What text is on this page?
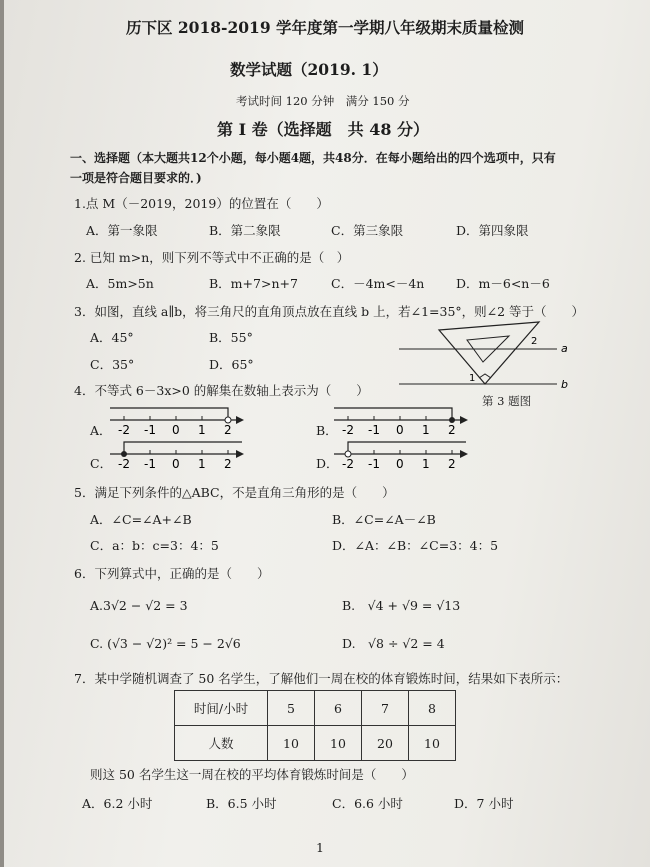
历下区 2018-2019 学年度第一学期八年级期末质量检测
数学试题（2019. 1）
考试时间 120 分钟　满分 150 分
第 I 卷（选择题　共 48 分）
一、选择题（本大题共12个小题，每小题4题，共48分．在每小题给出的四个选项中，只有
一项是符合题目要求的．)
1.点 M（－2019，2019）的位置在（　　）
A．第一象限	B．第二象限	C．第三象限	D．第四象限
2. 已知 m>n，则下列不等式中不正确的是（　）
A．5m>5n	B．m+7>n+7	C．－4m<－4n	D．m－6<n－6
3．如图，直线 a∥b，将三角尺的直角顶点放在直线 b 上，若∠1=35°，则∠2 等于（　　）
A．45°	B．55°
C．35°	D．65°
1
2
a
b
第 3 题图
4．不等式 6－3x>0 的解集在数轴上表示为（　　）
A． -2 -1 0 1 2	B． -2 -1 0 1 2
C． -2 -1 0 1 2	D． -2 -1 0 1 2
5．满足下列条件的△ABC，不是直角三角形的是（　　）
A．∠C=∠A+∠B	B．∠C=∠A－∠B
C．a：b：c=3：4：5	D．∠A：∠B：∠C=3：4：5
6．下列算式中，正确的是（　　）
A.3√2 − √2 = 3	B.　√4 + √9 = √13
C. (√3 − √2)² = 5 − 2√6	D.　√8 ÷ √2 = 4
7．某中学随机调查了 50 名学生，了解他们一周在校的体育锻炼时间，结果如下表所示：
时间/小时	5	6	7	8
人数	10	10	20	10
则这 50 名学生这一周在校的平均体育锻炼时间是（　　）
A．6.2 小时	B．6.5 小时	C．6.6 小时	D．7 小时
1
